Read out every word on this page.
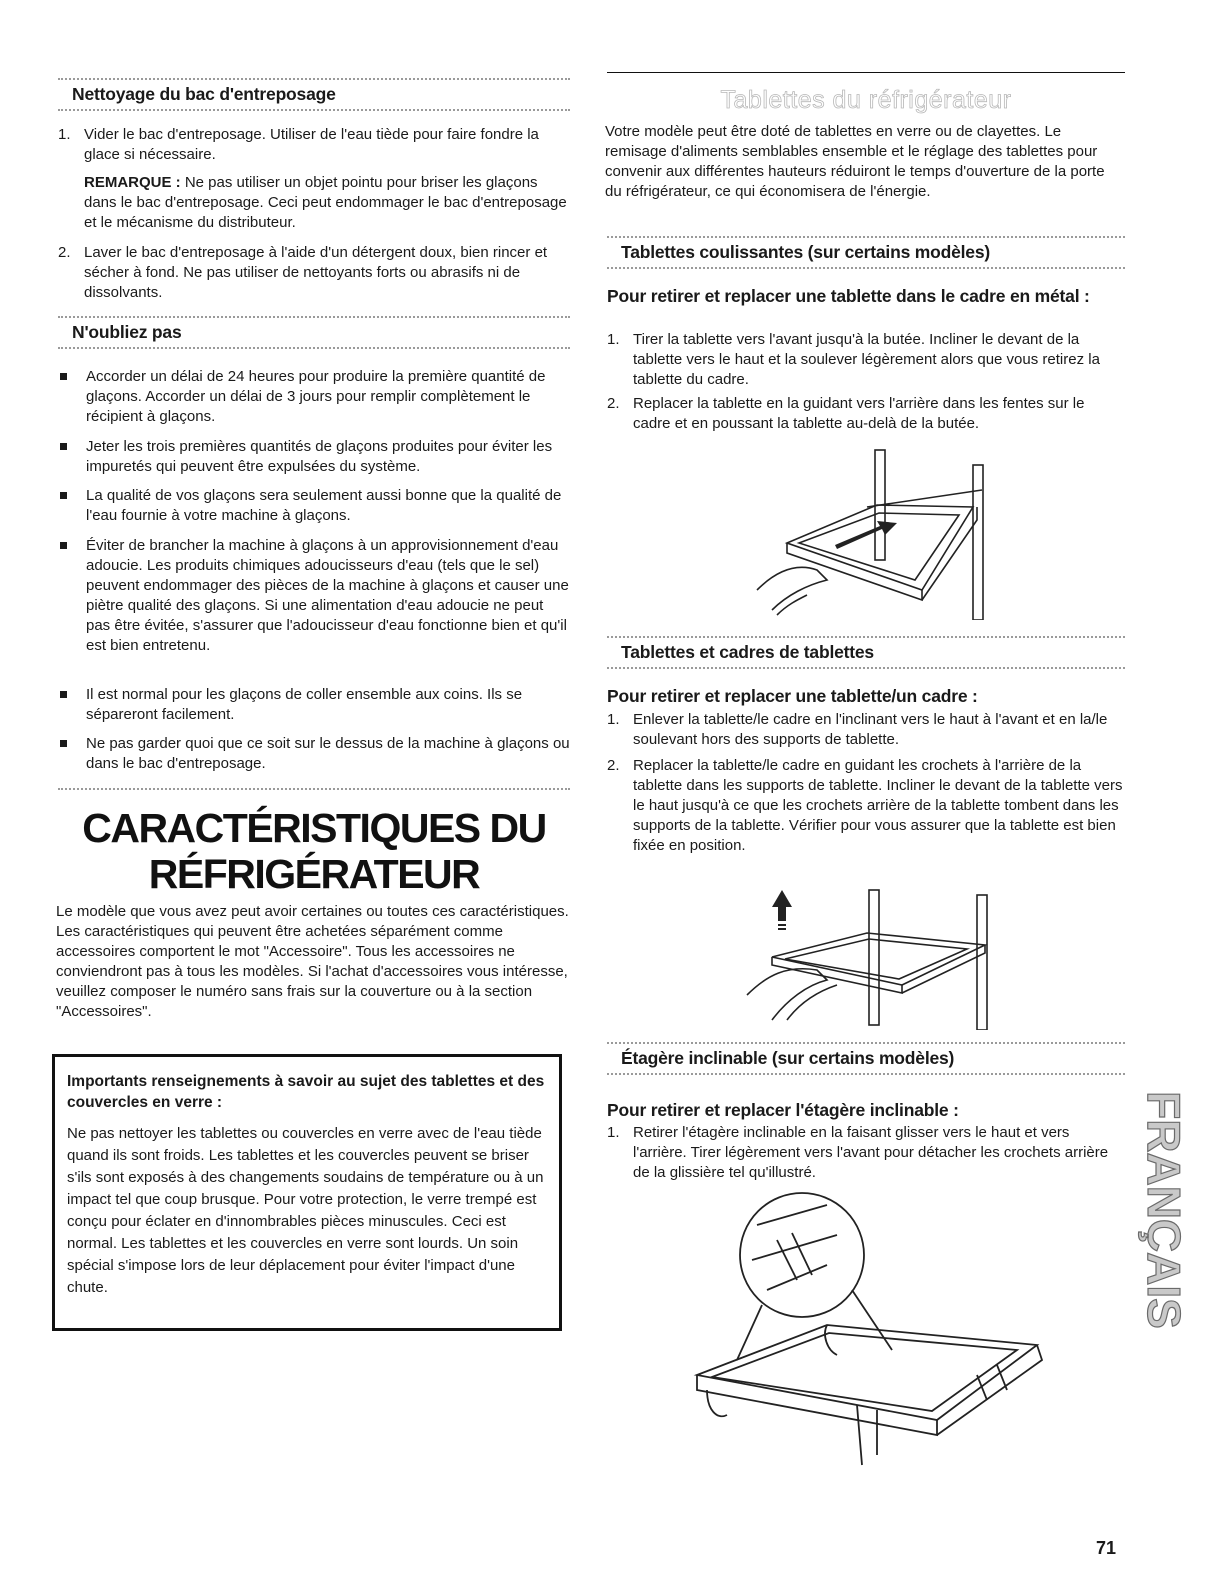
Nettoyage du bac d'entreposage
1. Vider le bac d'entreposage. Utiliser de l'eau tiède pour faire fondre la glace si nécessaire.
REMARQUE : Ne pas utiliser un objet pointu pour briser les glaçons dans le bac d'entreposage. Ceci peut endommager le bac d'entreposage et le mécanisme du distributeur.
2. Laver le bac d'entreposage à l'aide d'un détergent doux, bien rincer et sécher à fond. Ne pas utiliser de nettoyants forts ou abrasifs ni de dissolvants.
N'oubliez pas
Accorder un délai de 24 heures pour produire la première quantité de glaçons. Accorder un délai de 3 jours pour remplir complètement le récipient à glaçons.
Jeter les trois premières quantités de glaçons produites pour éviter les impuretés qui peuvent être expulsées du système.
La qualité de vos glaçons sera seulement aussi bonne que la qualité de l'eau fournie à votre machine à glaçons.
Éviter de brancher la machine à glaçons à un approvisionnement d'eau adoucie. Les produits chimiques adoucisseurs d'eau (tels que le sel) peuvent endommager des pièces de la machine à glaçons et causer une piètre qualité des glaçons. Si une alimentation d'eau adoucie ne peut pas être évitée, s'assurer que l'adoucisseur d'eau fonctionne bien et qu'il est bien entretenu.
Il est normal pour les glaçons de coller ensemble aux coins. Ils se sépareront facilement.
Ne pas garder quoi que ce soit sur le dessus de la machine à glaçons ou dans le bac d'entreposage.
CARACTÉRISTIQUES DU
RÉFRIGÉRATEUR
Le modèle que vous avez peut avoir certaines ou toutes ces caractéristiques. Les caractéristiques qui peuvent être achetées séparément comme accessoires comportent le mot "Accessoire". Tous les accessoires ne conviendront pas à tous les modèles. Si l'achat d'accessoires vous intéresse, veuillez composer le numéro sans frais sur la couverture ou à la section "Accessoires".
Importants renseignements à savoir au sujet des tablettes et des couvercles en verre :
Ne pas nettoyer les tablettes ou couvercles en verre avec de l'eau tiède quand ils sont froids. Les tablettes et les couvercles peuvent se briser s'ils sont exposés à des changements soudains de température ou à un impact tel que coup brusque. Pour votre protection, le verre trempé est conçu pour éclater en d'innombrables pièces minuscules. Ceci est normal. Les tablettes et les couvercles en verre sont lourds. Un soin spécial s'impose lors de leur déplacement pour éviter l'impact d'une chute.
Tablettes du réfrigérateur
Votre modèle peut être doté de tablettes en verre ou de clayettes. Le remisage d'aliments semblables ensemble et le réglage des tablettes pour convenir aux différentes hauteurs réduiront le temps d'ouverture de la porte du réfrigérateur, ce qui économisera de l'énergie.
Tablettes coulissantes (sur certains modèles)
Pour retirer et replacer une tablette dans le cadre en métal :
1. Tirer la tablette vers l'avant jusqu'à la butée. Incliner le devant de la tablette vers le haut et la soulever légèrement alors que vous retirez la tablette du cadre.
2. Replacer la tablette en la guidant vers l'arrière dans les fentes sur le cadre et en poussant la tablette au-delà de la butée.
Tablettes et cadres de tablettes
Pour retirer et replacer une tablette/un cadre :
1. Enlever la tablette/le cadre en l'inclinant vers le haut à l'avant et en la/le soulevant hors des supports de tablette.
2. Replacer la tablette/le cadre en guidant les crochets à l'arrière de la tablette dans les supports de tablette. Incliner le devant de la tablette vers le haut jusqu'à ce que les crochets arrière de la tablette tombent dans les supports de la tablette. Vérifier pour vous assurer que la tablette est bien fixée en position.
Étagère inclinable (sur certains modèles)
Pour retirer et replacer l'étagère inclinable :
1. Retirer l'étagère inclinable en la faisant glisser vers le haut et vers l'arrière. Tirer légèrement vers l'avant pour détacher les crochets arrière de la glissière tel qu'illustré.	FRANÇAIS
71
